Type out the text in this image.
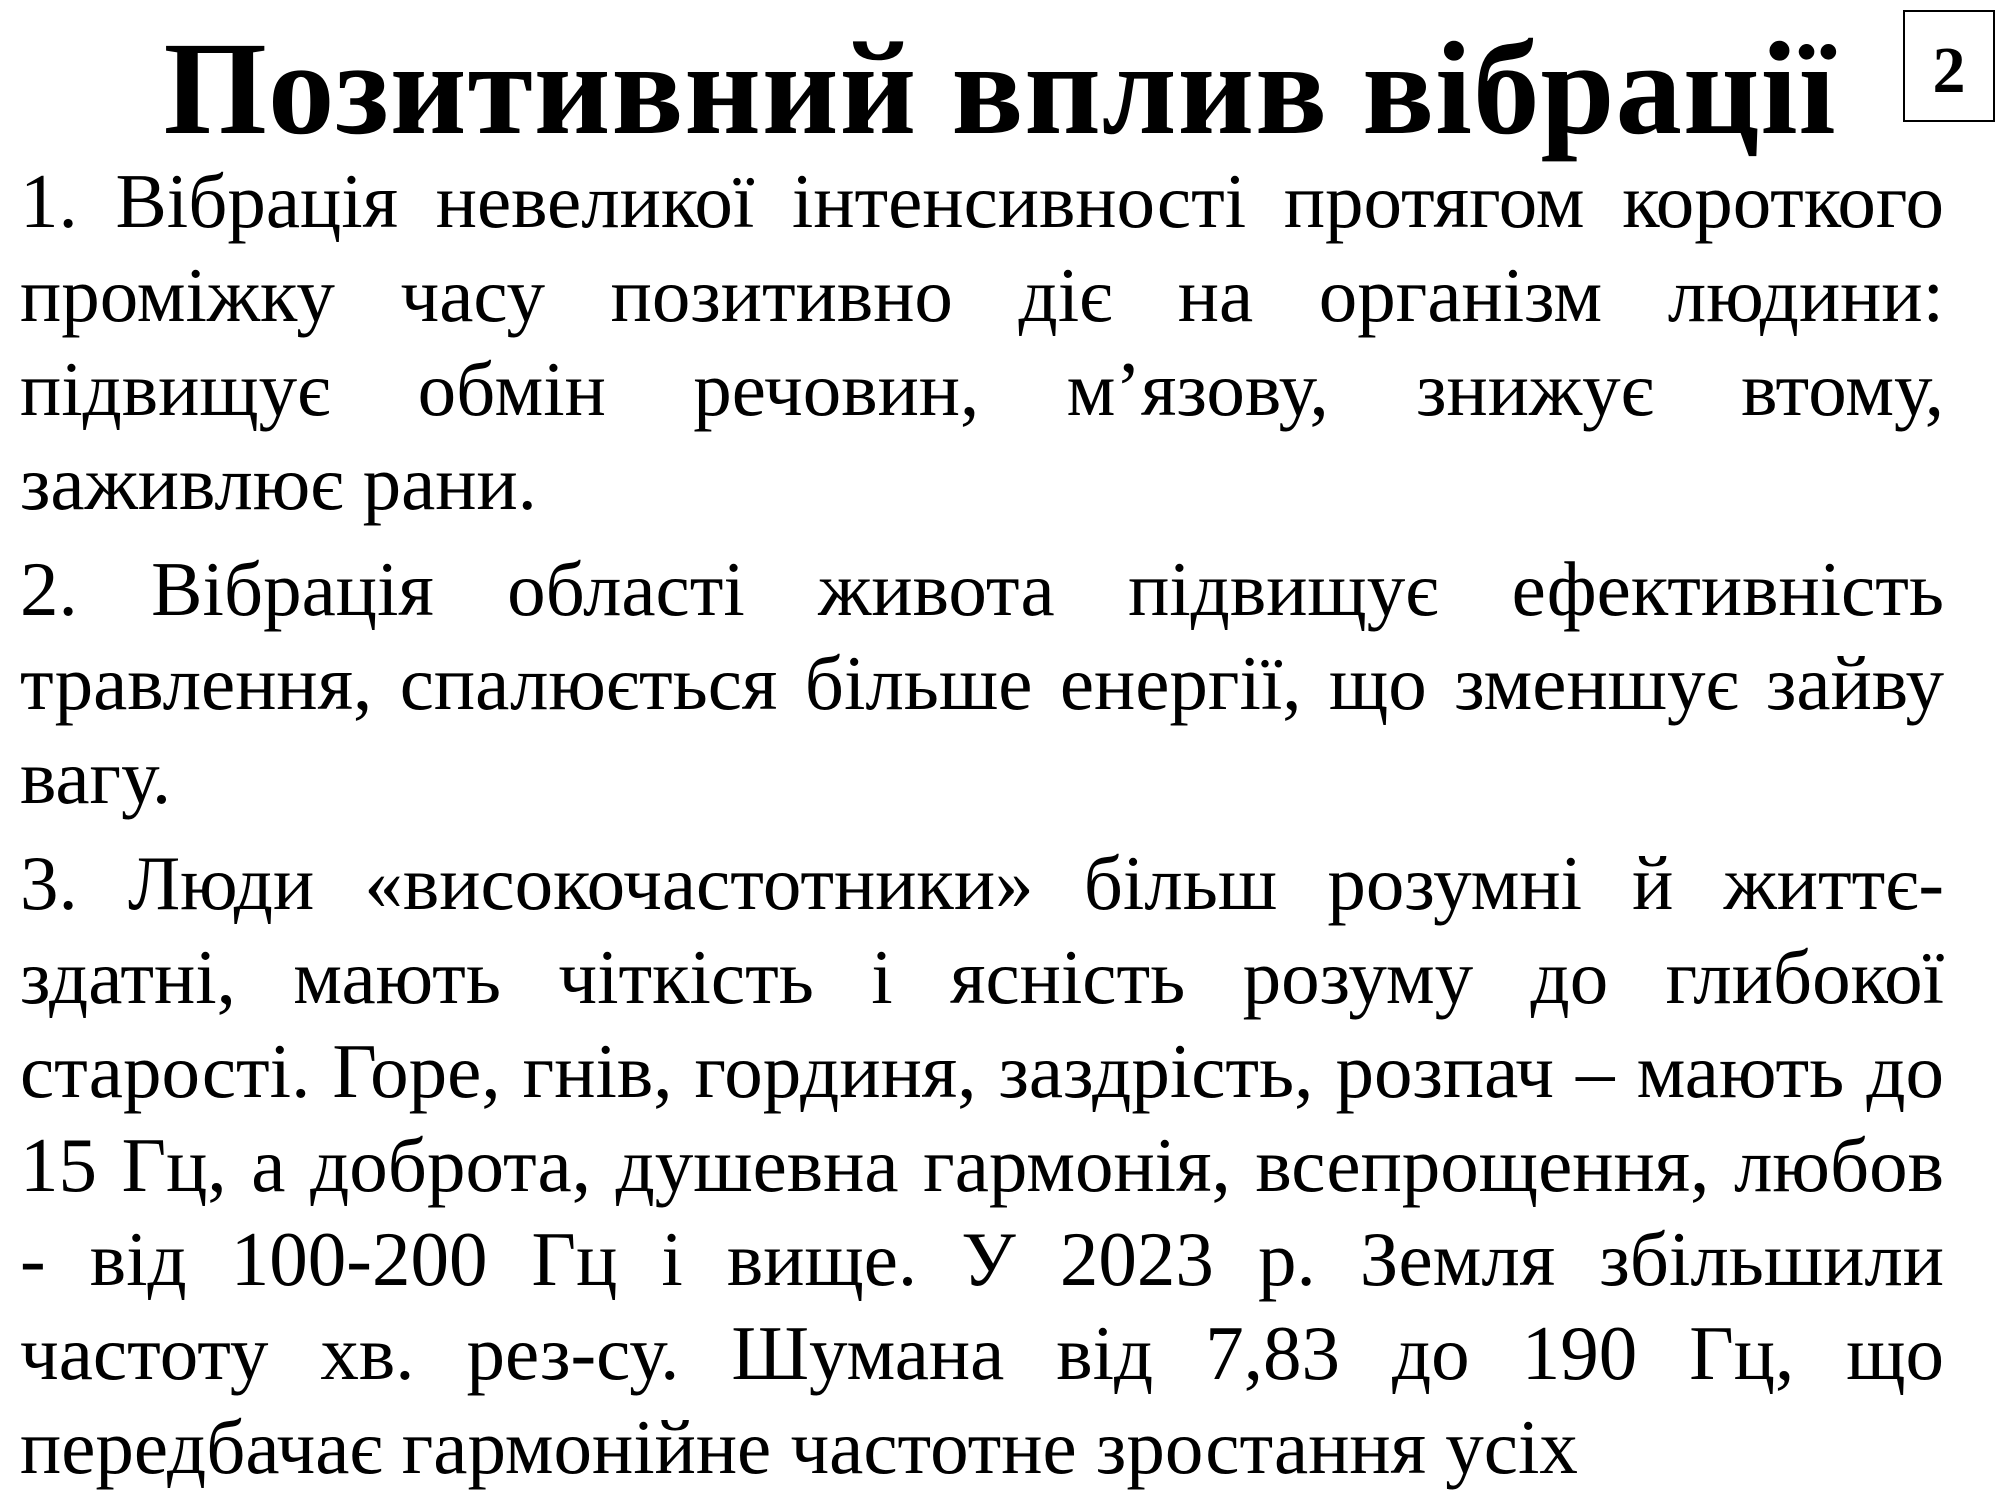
2
Позитивний вплив вібрації

1. Вібрація невеликої інтенсивності протягом короткого проміжку часу позитивно діє на організм людини: підвищує обмін речовин, м’язову, знижує втому, заживлює рани.

2. Вібрація області живота підвищує ефективність травлення, спалюється більше енергії, що зменшує зайву вагу.

3. Люди «високочастотники» більш розумні й життє-здатні, мають чіткість і ясність розуму до глибокої старості. Горе, гнів, гординя, заздрість, розпач – мають до 15 Гц, а доброта, душевна гармонія, всепрощення, любов - від 100-200 Гц і вище. У 2023 р. Земля збільшили частоту хв. рез-су. Шумана від 7,83 до 190 Гц, що передбачає гармонійне частотне зростання усіх
